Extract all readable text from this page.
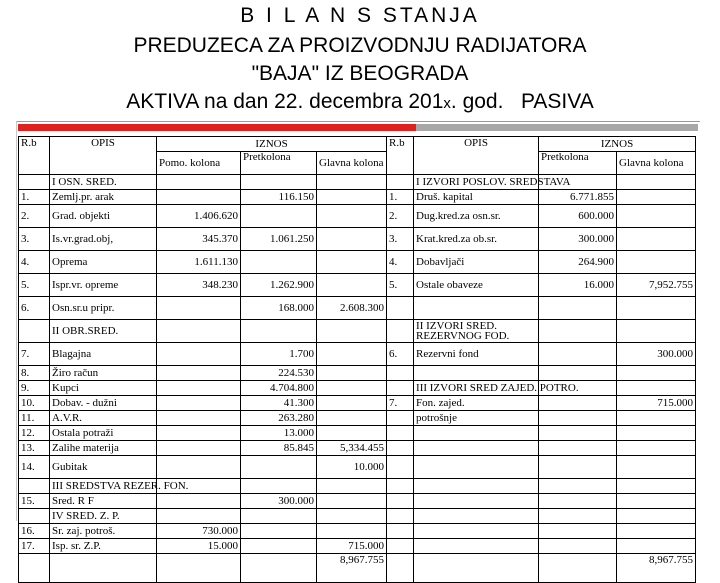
B I L A N S STANJA
PREDUZECA ZA PROIZVODNJU RADIJATORA
"BAJA" IZ BEOGRADA
AKTIVA na dan 22. decembra 201x. god. PASIVA
R.b	OPIS	IZNOS			R.b	OPIS	IZNOS	
		Pomo. kolona	Pretkolona	Glavna kolona			Pretkolona	Glavna kolona
	I OSN. SRED.					I IZVORI POSLOV. SREDSTAVA		
1.	Zemlj.pr. arak		116.150		1.	Druš. kapital	6.771.855	
2.	Grad. objekti	1.406.620			2.	Dug.kred.za osn.sr.	600.000	
3.	Is.vr.grad.obj,	345.370	1.061.250		3.	Krat.kred.za ob.sr.	300.000	
4.	Oprema	1.611.130			4.	Dobavljači	264.900	
5.	Ispr.vr. opreme	348.230	1.262.900		5.	Ostale obaveze	16.000	7,952.755
6.	Osn.sr.u pripr.		168.000	2.608.300				
	II OBR.SRED.					II IZVORI SRED. REZERVNOG FOD.		
7.	Blagajna		1.700		6.	Rezervni fond		300.000
8.	Žiro račun		224.530					
9.	Kupci		4.704.800			III IZVORI SRED ZAJED. POTRO.		
10.	Dobav. - dužni		41.300		7.	Fon. zajed.		715.000
11.	A.V.R.		263.280			potrošnje		
12.	Ostala potraži		13.000					
13.	Zalihe materija		85.845	5,334.455				
14.	Gubitak			10.000				
	III SREDSTVA REZER. FON.							
15.	Sred. R F		300.000					
	IV SRED. Z. P.							
16.	Sr. zaj. potroš.	730.000						
17.	Isp. sr. Z.P.	15.000		715.000				
				8,967.755				8,967.755
